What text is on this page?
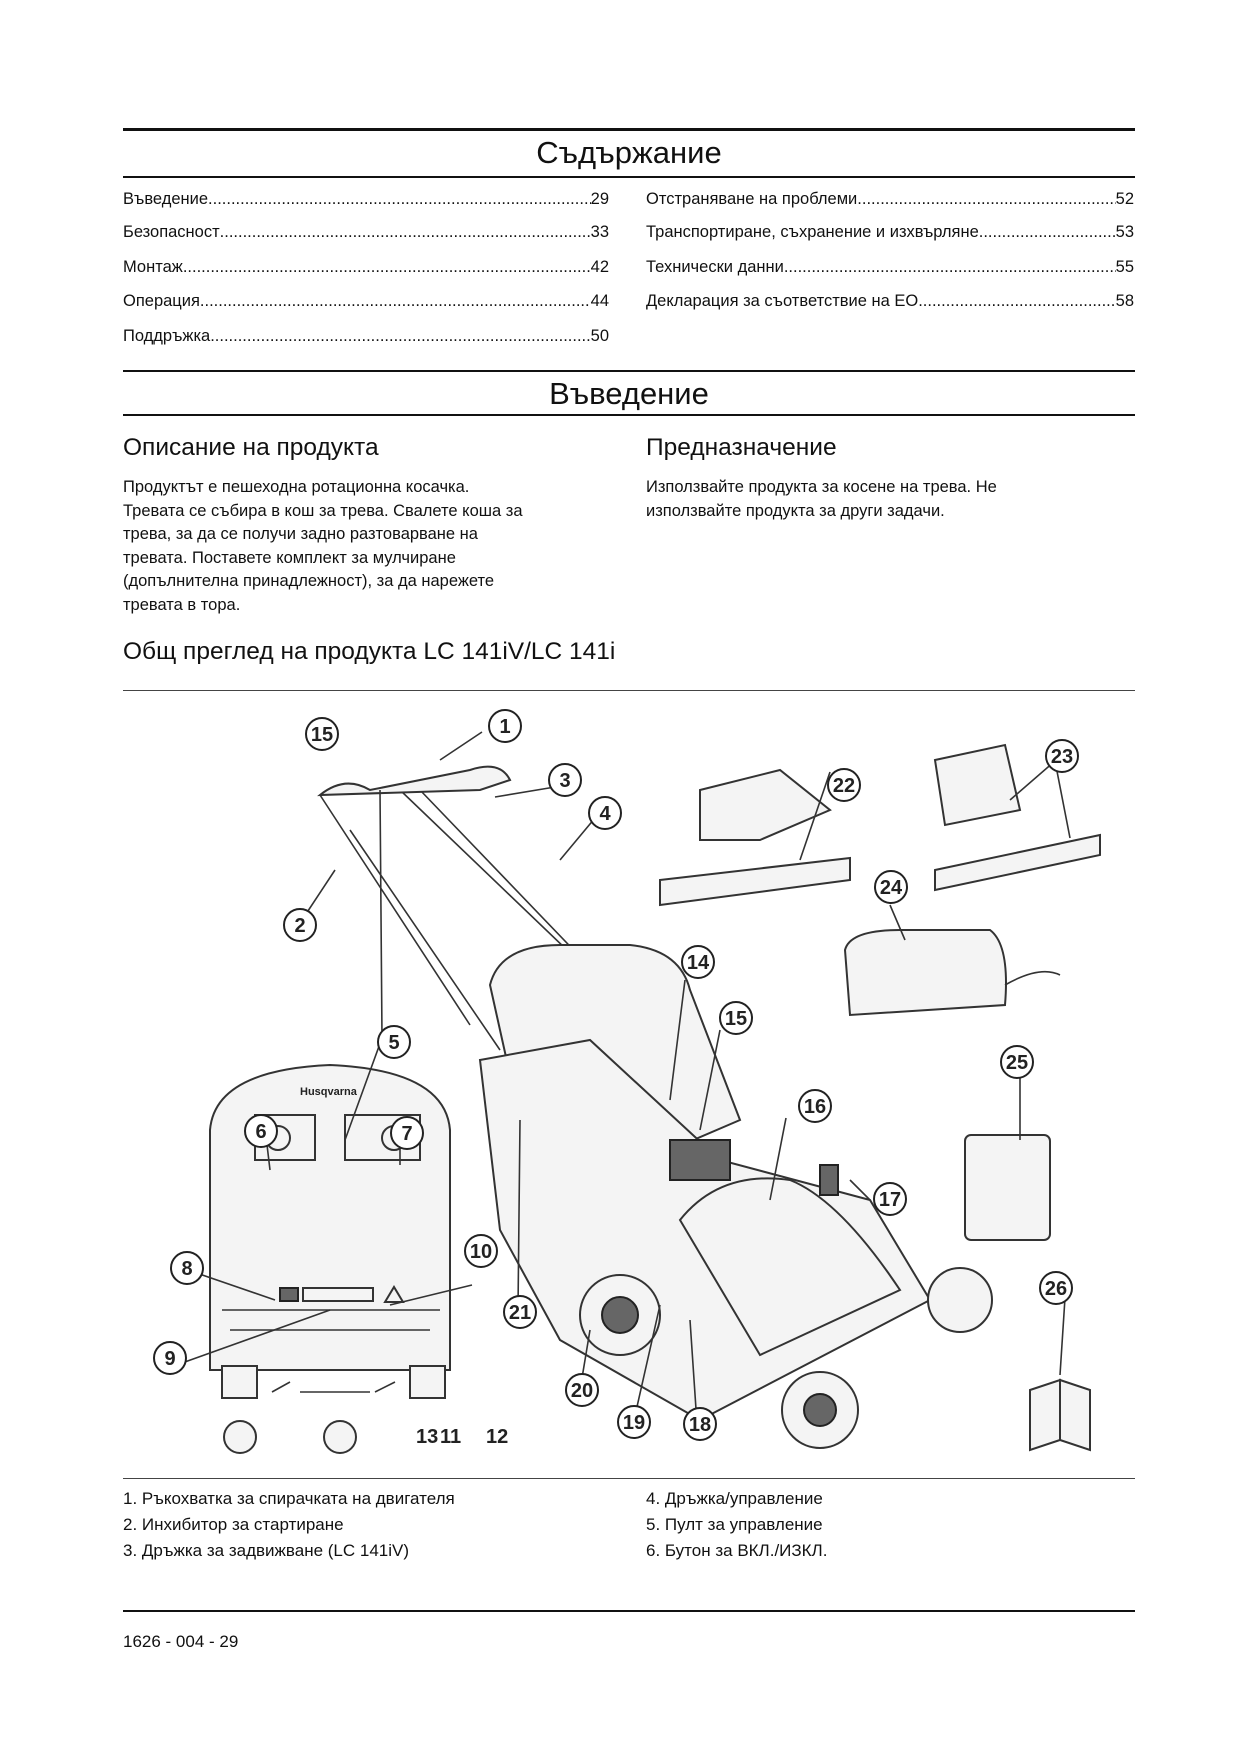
Съдържание
Въведение .....	29
Безопасност .....	33
Монтаж .....	42
Операция .....	44
Поддръжка .....	50
Отстраняване на проблеми .....	52
Транспортиране, съхранение и изхвърляне .....	53
Технически данни .....	55
Декларация за съответствие на ЕО .....	58
Въведение
Описание на продукта
Продуктът е пешеходна ротационна косачка.
Тревата се събира в кош за трева. Свалете коша за
трева, за да се получи задно разтоварване на
тревата. Поставете комплект за мулчиране
(допълнителна принадлежност), за да нарежете
тревата в тора.
Предназначение
Използвайте продукта за косене на трева. Не
използвайте продукта за други задачи.
Общ преглед на продукта LC 141iV/LC 141i
Husqvarna
1
2
3
4
5
6	7
8
9
10
14
15
15
16
17
18
19
20
21
22
23
24
25
26
13 11 12
1. Ръкохватка за спирачката на двигателя
2. Инхибитор за стартиране
3. Дръжка за задвижване (LC 141iV)
4. Дръжка/управление
5. Пулт за управление
6. Бутон за ВКЛ./ИЗКЛ.
1626 - 004 - 29
